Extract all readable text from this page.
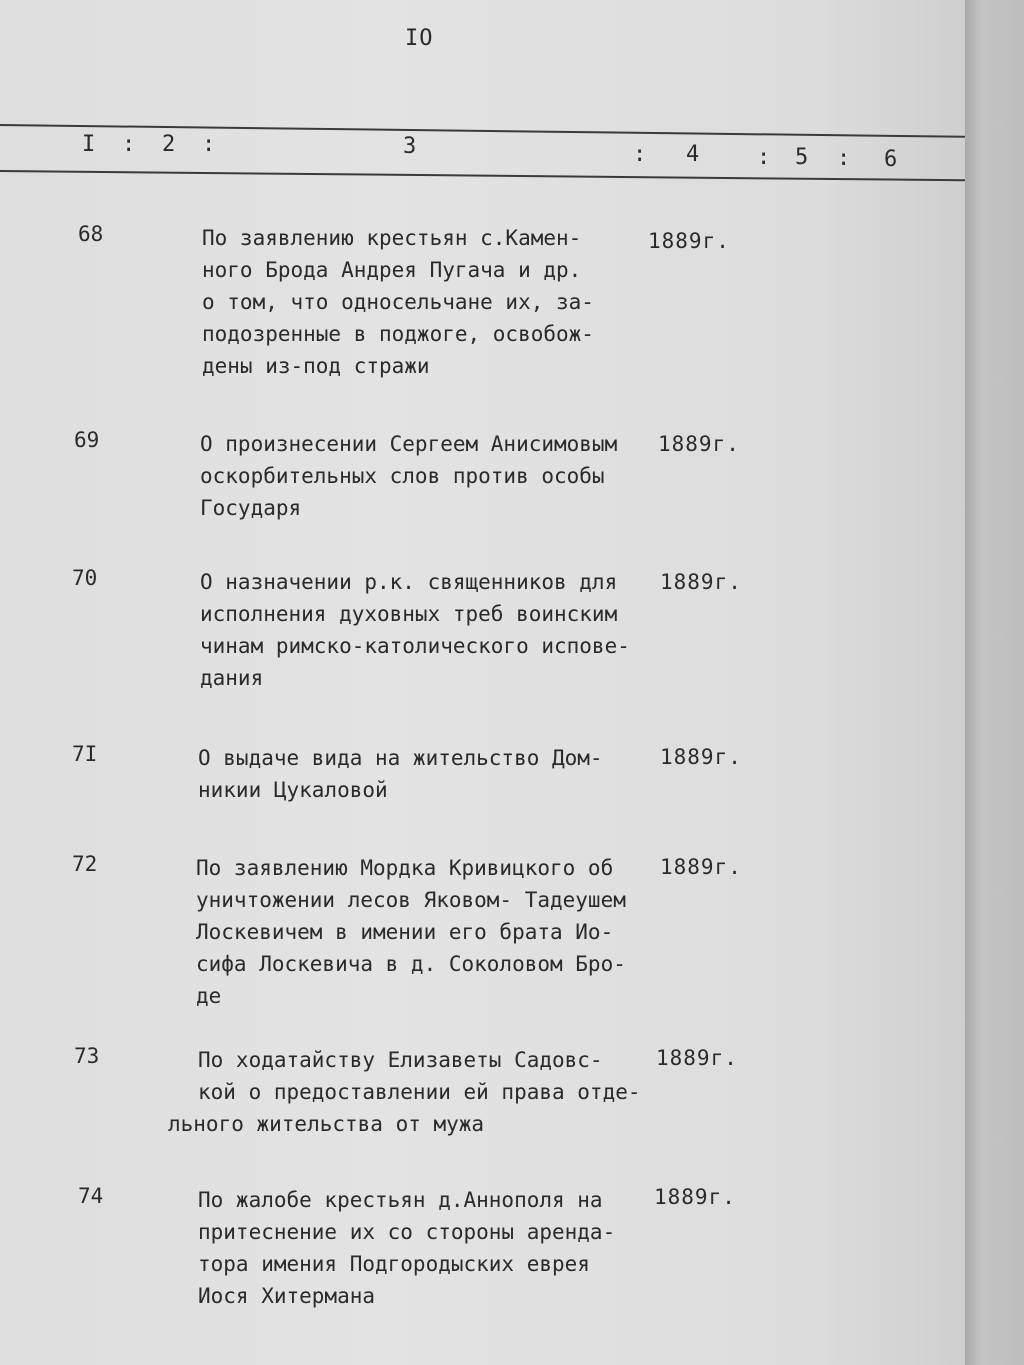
IO
I : 2 :	3	: 4	: 5 : 6
68	По заявлению крестьян с.Камен-
ного Брода Андрея Пугача и др.
о том, что односельчане их, за-
подозренные в поджоге, освобож-
дены из-под стражи
1889г.
69	О произнесении Сергеем Анисимовым
оскорбительных слов против особы
Государя
1889г.
70	О назначении р.к. священников для
исполнения духовных треб воинским
чинам римско-католического испове-
дания
1889г.
7I	О выдаче вида на жительство Дом-
никии Цукаловой
1889г.
72	По заявлению Мордка Кривицкого об
уничтожении лесов Яковом- Тадеушем
Лоскевичем в имении его брата Ио-
сифа Лоскевича в д. Соколовом Бро-
де
1889г.
73	По ходатайству Елизаветы Садовс-
кой о предоставлении ей права отде-
льного жительства от мужа
1889г.
74	По жалобе крестьян д.Аннополя на
притеснение их со стороны аренда-
тора имения Подгородыских еврея
Иося Хитермана
1889г.
